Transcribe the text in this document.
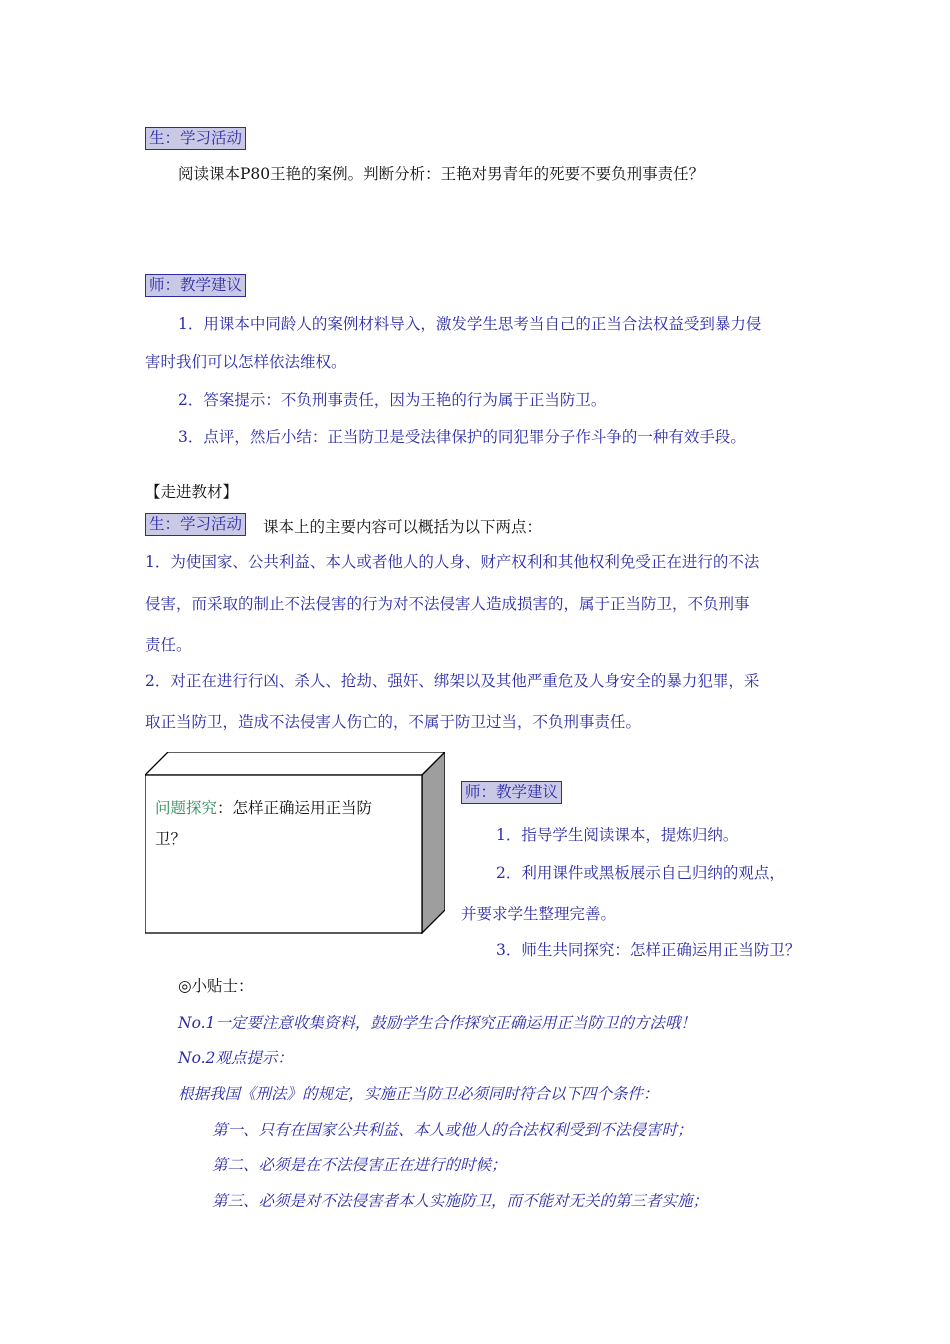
生：学习活动
阅读课本P80王艳的案例。判断分析：王艳对男青年的死要不要负刑事责任？
师：教学建议
1．用课本中同龄人的案例材料导入，激发学生思考当自己的正当合法权益受到暴力侵
害时我们可以怎样依法维权。
2．答案提示：不负刑事责任，因为王艳的行为属于正当防卫。
3．点评，然后小结：正当防卫是受法律保护的同犯罪分子作斗争的一种有效手段。
【走进教材】
生：学习活动 课本上的主要内容可以概括为以下两点：
1．为使国家、公共利益、本人或者他人的人身、财产权利和其他权利免受正在进行的不法
侵害，而采取的制止不法侵害的行为对不法侵害人造成损害的，属于正当防卫，不负刑事
责任。
2．对正在进行行凶、杀人、抢劫、强奸、绑架以及其他严重危及人身安全的暴力犯罪，采
取正当防卫，造成不法侵害人伤亡的，不属于防卫过当，不负刑事责任。
问题探究：怎样正确运用正当防
卫？
师：教学建议
1．指导学生阅读课本，提炼归纳。
2．利用课件或黑板展示自己归纳的观点，
并要求学生整理完善。
3．师生共同探究：怎样正确运用正当防卫？
◎小贴士：
No.1一定要注意收集资料，鼓励学生合作探究正确运用正当防卫的方法哦！
No.2观点提示：
根据我国《刑法》的规定，实施正当防卫必须同时符合以下四个条件：
第一、只有在国家公共利益、本人或他人的合法权利受到不法侵害时；
第二、必须是在不法侵害正在进行的时候；
第三、必须是对不法侵害者本人实施防卫，而不能对无关的第三者实施；
